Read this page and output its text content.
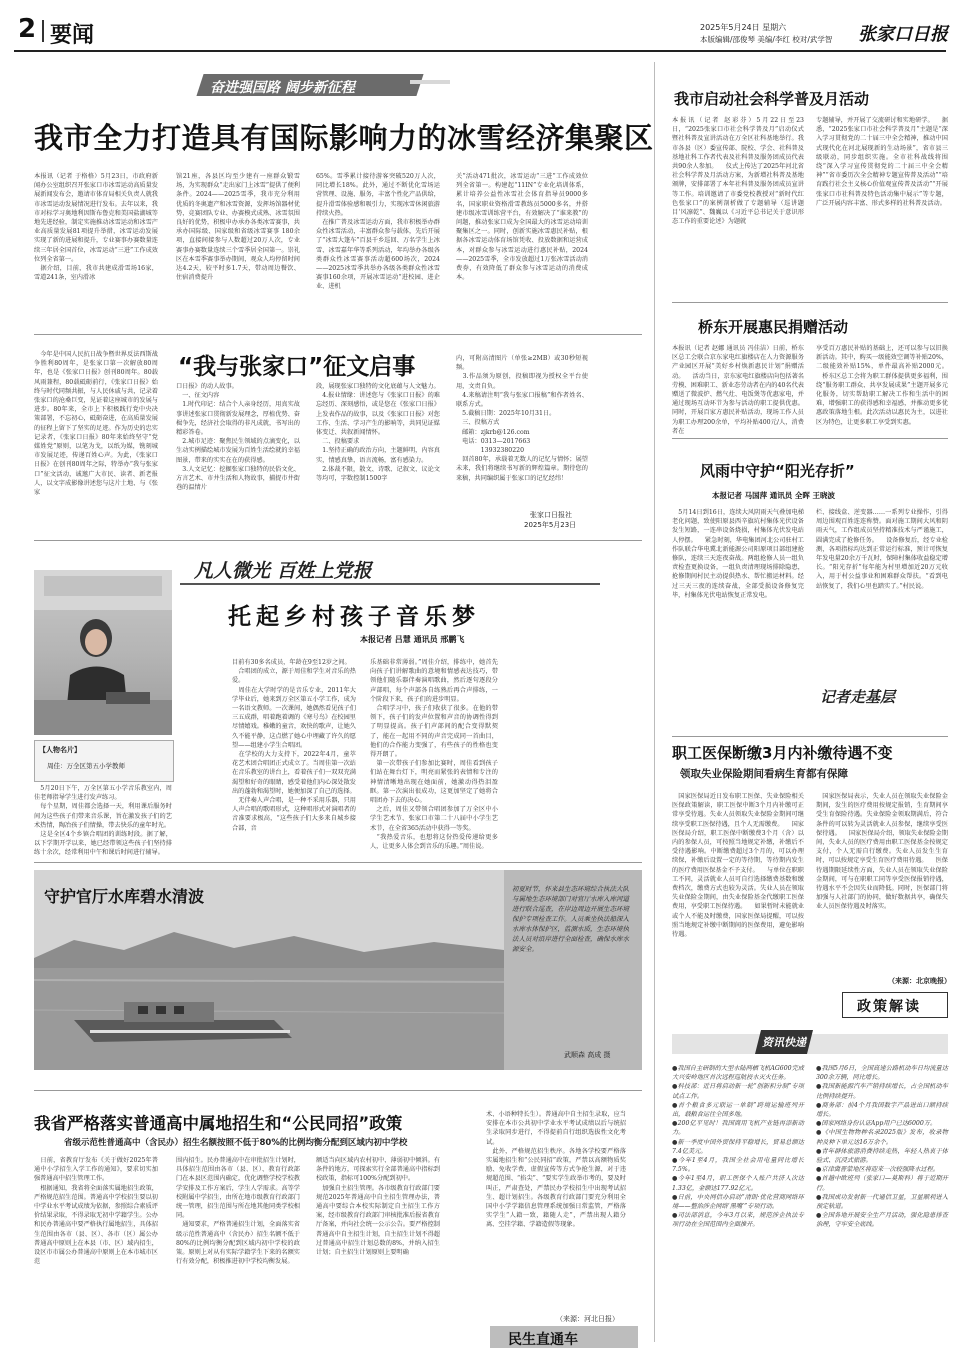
2 要闻	2025年5月24日 星期六
本版编辑/邵俊琴 美编/李红 校对/武学智 张家口日报
奋进强国路 阔步新征程
我市全力打造具有国际影响力的冰雪经济集聚区
本报讯（记者 于格格）5月23日，市政府新闻办公室组织召开张家口市冰雪运动高质量发展新闻发布会，邀请市体育局相关负责人就我市冰雪运动发展情况进行发布。去年以来，我市对标学习奥地利因斯布鲁克和美国盐湖城等地先进经验，制定实施推动冰雪运动和冰雪产业高质量发展81项提升举措，冰雪运动发展实现了新的进展和提升，专业赛事办赛数量连续三年居全国首位，冰雪运动“三进”工作成效位列全省第一。
　据介绍，目前，我市共建成滑雪场16家，雪道241条，室内滑冰
馆21座，各县区均至少建有一座群众锻雪场，为实现群众“走出家门上冰雪”提供了便利条件。2024——2025雪季，我市充分利用优质的冬奥遗产和冰雪资源，发挥场馆器材优势，竞赛团队专业、办赛模式成熟、冰雪氛围良好的优势，积极申办承办各类冰雪赛事，共承办国际级、国家级和省级冰雪赛事 180余项，直接间接参与人数超过20万人次，专业赛事办赛数量连续三个雪季居全国第一。崇礼区在本雪季赛事举办期间，观众人均停留时间达4.2天，较平时多1.7天，带动周边餐饮、住宿消费提升
65%。雪季累计接待游客突破520万人次，同比增长18%。此外，通过不断优化雪场运营管理、设施、服务，丰富个性化产品供给，提升滑雪体验感和吸引力，实现冰雪休闲旅游持续火热。
　在推广普及冰雪运动方面，我市积极举办群众性冰雪活动，丰富群众参与载体，先后开展了“冰雪大篷车”百县千乡巡回、万名学生上冰雪、冰雪嘉年华等系列活动，年均举办各级各类群众性冰雪赛事活动超600场次，2024——2025冰雪季共举办各级各类群众性冰雪赛事160余项，开展冰雪运动“进校园、进企业、进机
关”活动471批次，冰雪运动“三进”工作成效位列全省第一。构建起“11IN”专业化培训体系，累计培养公益性冰雪社会体育指导员9000多名，国家职业资格滑雪教练员5000多名，并搭建市级冰雪训练营平台，有效解决了“谁来教”的问题，推动张家口成为全国最大的冰雪运动培训聚集区之一。同时，创新实施冰雪惠民补贴，根据各冰雪运动体育场馆凭收、投放数据和运营成本，对群众参与冰雪运动进行惠民补贴，2024——2025雪季，全市发放超过1万张冰雪活动消费券，有效降低了群众参与冰雪运动的消费成本。
　今年是中国人民抗日战争暨世界反法西斯战争胜利80周年，是张家口第一次解放80周年，也是《张家口日报》创刊80周年。80载风雨兼程，80载砥砺前行，《张家口日报》始终与时代同频共振，与人民休戚与共，记录着张家口的沧桑巨变，见证着这座城市的发展与进步。80年来，全市上下积极践行党中央决策部署，不忘初心，砥砺奋进，在高质量发展的征程上留下了坚实的足迹。作为历史的忠实记录者，《张家口日报》80年来始终坚守“党媒姓党”原则，以笔为戈，以纸为媒，镌刻城市发展足迹，传递百姓心声。为此，《张家口日报》在创刊80周年之际，特举办“我与张家口”征文活动，诚邀广大市民、读者、新老报人，以文字成影像讲述您与这片土地、与《张家
“我与张家口”征文启事
口日报》的动人故事。
　一、征文内容
　1.时代印记：结合个人亲身经历，用真实故事讲述张家口贯彻新发展理念，厚植优势、奋楫争先，经济社会取得的非凡成就，书写出的精彩答卷。
　2.城市足迹：聚焦民生领域的点滴变化，以生动实例描绘城市发展为百姓生活绘就的幸福图景，带来的实实在在的获得感。
　3.人文记忆：挖掘张家口独特的民俗文化、方言艺术、市井生活和人物故事，捕捉市井街巷的温情片
段，展现张家口独特的文化底蕴与人文魅力。
　4.报业情缘：讲述您与《张家口日报》的难忘经历、深刻感悟，或是您在《张家口日报》上发表作品的故事，以及《张家口日报》对您工作、生活、学习产生的影响等，共同见证媒体变迁、共叙新闻情怀。
　二、投稿要求
　1.坚持正确的政治方向，主题鲜明，内容真实，情感真挚，语言流畅，富有感染力。
　2.体裁不限，散文、诗歌、记叙文、议论文等均可，字数控制1500字
内，可附高清图片（单张≥2MB）或30秒短视频。
　3.作品须为原创，投稿即视为授权全平台使用，文责自负。
　4.来稿请注明“我与张家口报稿”和作者姓名、联系方式。
　5.截稿日期：2025年10月31日。
　三、投稿方式
　邮箱：zjkrb@126.com
　电话：0313—2017663
　　　　13932380220
　回首80年，承载着无数人的记忆与情怀；展望未来，我们将继续书写新的辉煌篇章。期待您的来稿，共同编织属于张家口的记忆经纬！
张家口日报社
2025年5月23日
凡人微光 百姓上党报
托起乡村孩子音乐梦
本报记者 吕慧 通讯员 邢鹏飞
【人物名片】
周佳：万全区第五小学教师
　5月20日下午，万全区第五小学音乐教室内，周佳老师指导学生进行发声练习。
　每个星期，周佳都会选择一天，利用课后服务时间为这些孩子们带来音乐课，旨在激发孩子们的艺术热情，陶冶孩子们情操，带去快乐的童年时光。
　这是全区4个乡镇合唱团的训练时段。据了解，以下学期开学以来，她已经带领这些孩子们坚持排练十余次，经常利用中午和课后时间进行辅导。
目前有30多名成员，年龄在9至12岁之间。
　合唱团的成立，源于周佳和学生对音乐的热爱。
　周佳在大学时学的是音乐专业，2011年大学毕业后，她来到万全区第五小学工作，成为一名语文教师。一次课间，她偶然看见孩子们三五成群，唱着跑着调的《寒号鸟》在校园里尽情嬉戏。稚嫩的童音，欢快的歌声，让她久久不能平静，这点燃了她心中埋藏了许久的愿望——组建小学生合唱团。
　在学校的大力支持下，2022年4月，童萃花艺术团合唱团正式成立了。当周佳第一次站在音乐教室的讲台上，看着孩子们一双双充满渴望和好奇的眼睛，感受着他们内心深处散发出的蓬勃和渴望时，她便加深了自己的选择。
　无伴奏人声合唱，是一种不采用乐器，只用人声合唱的歌唱形式，这种唱形式对演唱者的音准要求极高，“这些孩子们大多来自城乡接合部，音
乐基础非常薄弱。”周佳介绍，排练中，她首先向孩子们讲解歌曲的意境和情感表达技巧，带领他们随乐器伴奏演唱歌曲，然后逐句逐段分声部唱，每个声部各自练熟后再合声排练，一个阶段下来，孩子们的进步明显。
　合唱学习中，孩子们收获了很多。在他的带领下，孩子们的发声位置和声音的协调性得到了明显提高。孩子们声部间的配合变得默契了，能在一起用不同的声音完成同一首曲目，他们的合作能力变强了，有些孩子的性格也变得开朗了。
　第一次带孩子们参加比赛时，周佳看到孩子们站在舞台灯下，明亮而紧张的表情和专注的神情清晰地出现在她面前，她激动得热泪盈眶。第一次演出很成功，这更加坚定了她将合唱团办下去的决心。
　之后，周佳又带领合唱团参加了万全区中小学生艺术节、张家口市第二十八届中小学生艺术节，在全省365活动中获得一等奖。
　“我热爱音乐，也想将这份热爱传递给更多人，让更多人体会到音乐的乐趣。”周佳说。
守护官厅水库碧水清波	初夏时节，怀来县生态环境综合执法大队与属地生态环境部门对官厅水库入库河道进行联合巡查，在岸边周边开展生态环境保护专项检查工作。人员乘坐执法船深入水库水体保护区，监测水质，生态环境执法人员对沿岸进行全面检查，确保水库水源安全。
武顺森 高成 摄
我省严格落实普通高中属地招生和“公民同招”政策
省级示范性普通高中（含民办）招生名额按照不低于80%的比例均衡分配到区域内初中学校
　日前，省教育厅发布《关于做好2025年普通中小学招生入学工作的通知》，要求切实加强普通高中招生管理工作。
　根据通知，我省将全面落实属地招生政策，严格规范招生范围。普通高中学校招生要以初中学业水平考试成绩为依据，参照综合素质评价结果录取，不得录取无初中学籍学生。公办和民办普通高中要严格执行属地招生，具体招生范围由各市（县、区）、各市（区）属公办普通高中原则上在本县（市、区）域内招生，设区市市属公办普通高中原则上在本市城市区范
围内招生。民办普通高中在审批招生计划时，具体招生范围由各市（县、区）、教育行政部门在本县区范围内确定，优化调整学校学校教学安排及工作方案后，学生人学需求。高等学校附属中学招生，由所在地市级教育行政部门统一管理，招生范围与所在地其他同类学校相同。
　通知要求，严格普通招生计划，全面落实省级示范性普通高中（含民办）招生名额不低于80%的比例均衡分配到区域内初中学校的政策。原则上对从有实际学籍学生下来的名额实行有效分配，积极推进初中学校均衡发展。
额适当向区域内农村初中、薄弱初中倾斜。有条件的地方，可探索实行全部普通高中指标到校政策，指标可100%分配到初中。
　加强自主招生管理。各市级教育行政部门要规范2025年普通高中自主招生管理办法，普通高中要综合本校实际制定自主招生工作方案，经市级教育行政部门审核批准后报省教育厅备案，并向社会统一公示公告。要严格控制普通高中自主招生计划，自主招生计划不得超过普通高中招生计划总数的8%，并纳入招生计划；自主招生计划原则上要明确
术、小语种特长生）。普通高中自主招生录取，应当安排在本市公共初中学业水平考试成绩以后与统招生录取同步进行，不得提前自行组织选拔性文化考试。
　此外，严格规范招生秩序。各地各学校要严格落实属地招生和“公民同招”政策，严禁以高额物质奖励、免收学费、虚假宣传等方式争抢生源，对于违规超范围、“掐尖”、“要实学生政举市考的，要及时叫正，严肃查处，严禁民办学校招生中出现考试招生、超计划招生。各级教育行政部门要充分利用全国中小学学籍信息管理系统加强日常监管，严格落实学生“人籍一致，籍随人走”，严禁出现人籍分离、空挂学籍、学籍造假等现象。
（来源：河北日报）
民生直通车
我市启动社会科学普及月活动
本报讯（记者 赵彩芬）5月22日至23日，“2025张家口市社会科学普及月”启动仪式暨社科普及宣讲活动在万全区社科基地举行。我市各县（区）委宣传部、院校、学会、社科普及基地社科工作者代表及社科普及服务团成员代表共90余人参加。 　仪式上传达了2025年河北省社会科学普及月活动方案，为新增社科普及基地颁牌，安排部署了本年社科普及服务团成员宣讲等工作。培训邀请了市委党校教授对“新时代红色张家口”的案例剖析做了专题辅导（巡讲题目‘风凛乾”、魏巍以《习近平总书记关于意识形态工作的重要论述》为题就
专题辅导，并开展了交流研讨和实地研学。 　据悉，“2025张家口市社会科学普及月”主题是“深入学习贯彻党的二十届三中全会精神，推动中国式现代化在河北展现新的生动场景”，省市县三级联动，同步组织实施。全市社科战线将围绕“深入学习宣传贯彻党的二十届三中全会精神”“省市委历次全会精神专题宣传普及活动”“培育践行社会主义核心价值观宣传普及活动”“开展张家口市社科普及特色活动集中展示”等专题，广泛开展内容丰富、形式多样的社科普及活动。
桥东开展惠民捐赠活动
本报讯（记者 赵娜 通讯员 冯佳洁）日前，桥东区总工会联合京东家电红旗楼店在人力资源服务产业园区开展“美好乡村焕新惠民计划”捐赠活动。 　活动当日，京东家电红旗楼店向包括著名劳模、困难职工、新业态劳动者在内的40名代表赠送了微波炉、燃气灶、电饭煲等优惠家电，并通过现场互动环节为参与活动的职工提供优惠。同时，开展百家方惠民补贴活动，现场工作人员为职工办理200余单，平均补贴400元/人，消费者在
享受百万惠民补贴的基础上，还可以参与以旧换新活动。其中，购买一级能效空调等补贴20%，二级能效补贴15%，单件最高补贴2000元。 　桥东区总工会将为职工群体提供更多福利，围绕“服务职工群众、共享发展成果”主题开展多元化服务，切实帮助职工解决工作和生活中的困难，增强职工的获得感和幸福感，并推动更多优惠政策落地生根。此次活动以惠民为主，以进社区为特色，让更多职工享受到实惠。
风雨中守护“阳光存折”
本报记者 马国萍 通讯员 全晖 王晓波
　5月14日到16日，连续大风阴雨天气叠加电梯老化问题，致使阳原县西辛旗坑村集体光伏设备发生短路，一连串设备烧损，村集体光伏发电站人停摆。 　紧急时刻，华电集团河北公司驻村工作队联合华电冀北新能源公司阳原项目部组建抢修队，连续三天连夜奋战。两组抢修人员一组负责检查更换设备，一组负责清理现场排除隐患，抢修期间村民主动提供热水、帮忙搬运材料。经过三天三夜的连续奋战，全部受损设备修复完毕，村集体光伏电站恢复正常发电。
栏、接线盒、逆变器……一系列专业操作，引得周边围观百姓连连称赞。面对施工期间大风和阴雨天气，工作组成员坚持精准技术与严谨施工，圆满完成了抢修任务。 　设备修复后，经专业检测，各项指标均达到正常运行标准，预计可恢复年发电量20余万千瓦时，保障村集体收益稳定增长。“阳光存折”每年能为村里增加近20万元收入，用于村公益事业和困难群众帮扶。“看到电站恢复了，我们心里也踏实了。”村民说。
记者走基层
职工医保断缴3月内补缴待遇不变
领取失业保险期间看病生育都有保障
　国家医保局近日发布职工医保、失业保险相关医保政策解读，职工医保中断3个月内补缴可正常享受待遇。失业人员领取失业保险金期间可继续享受职工医保待遇，且个人无需缴费。 　国家医保局介绍，职工医保中断缴费3个月（含）以内的参保人员，可按照当地规定补缴，补缴后不受待遇影响。中断缴费超过3个月的，可以办理续保，补缴后设置一定的等待期，等待期内发生的医疗费用医保基金不予支付。 　与单位在职职工不同，灵活就业人员可自行选择缴费基数和缴费档次，缴费方式也较为灵活。失业人员在领取失业保险金期间，由失业保险基金代缴职工医保费用，享受职工医保待遇。 　如果暂时未能就业或个人不能及时缴费，国家医保局提醒，可以按照当地规定补缴中断期间的医保费用，避免影响待遇。
　国家医保局表示，失业人员在领取失业保险金期间，发生的医疗费用按规定报销，生育期间享受生育保险待遇。失业保险金领取期满后，符合条件的可以转为灵活就业人员参保，继续享受医保待遇。 　国家医保局介绍，领取失业保险金期间，失业人员的医疗费用由职工医保基金按规定支付，个人无需自行缴费。失业人员发生生育时，可以按规定享受生育医疗费用待遇。 　医保待遇期限延续性方面，失业人员在领取失业保险金期间，可与在职职工同等享受医保报销待遇，待遇水平不会因失业而降低。同时，医保部门将加强与人社部门的协同，做好数据共享，确保失业人员医保待遇及时落实。
（来源：北京晚报）
政策解读
资讯快递
●我国自主研制的大型水陆两栖飞机AG600完成大兴安岭地区首次远程巡航投水灭火任务。
●科技部：近日将启动新一轮“创新积分制”专项试点工作。
●首个粮食多元联运一单制”跨境运输班列开出，载粮食运往全国多地。
●200亿平见时！我国商用飞机产业链再添新动力。
●新一季度中国外贸保持平稳增长，贸易总额达7.4亿美元。
●今年1至4月，我国全社会用电量同比增长7.5%。
●今年1至4月，职工医保个人账户共济人次达1.33亿，金额达177.92亿元。
●日前，中央网信办启动“清朗·优化营商网络环境——整治涉企网络‘黑嘴’”专项行动。
●司法部消息，今年3月以来，规范涉企执法专项行动在全国范围内全面推开。
●我国5月6日，全国高速公路机动车日均流量达300余万辆，同比增长。
●我国新能源汽车产销持续增长，占全国机动车比例持续提升。
●商务部：前4个月我国数字产品进出口额持续增长。
●国家网络身份认证App用户已达6000万。
●《中国生物物种名录2025版》发布，收录物种及种下单元达16万余个。
●青年群体旅游消费持续走热，年轻人热衷于体验式、沉浸式旅游。
●京津冀晋蒙地区将迎来一次较强降水过程。
●首趟中欧班列（张家口—莫斯科）将于近期开行。
●我国成功发射新一代通信卫星，卫星顺利进入预定轨道。
●全国各地开展安全生产月活动，强化隐患排查治理，守牢安全底线。
